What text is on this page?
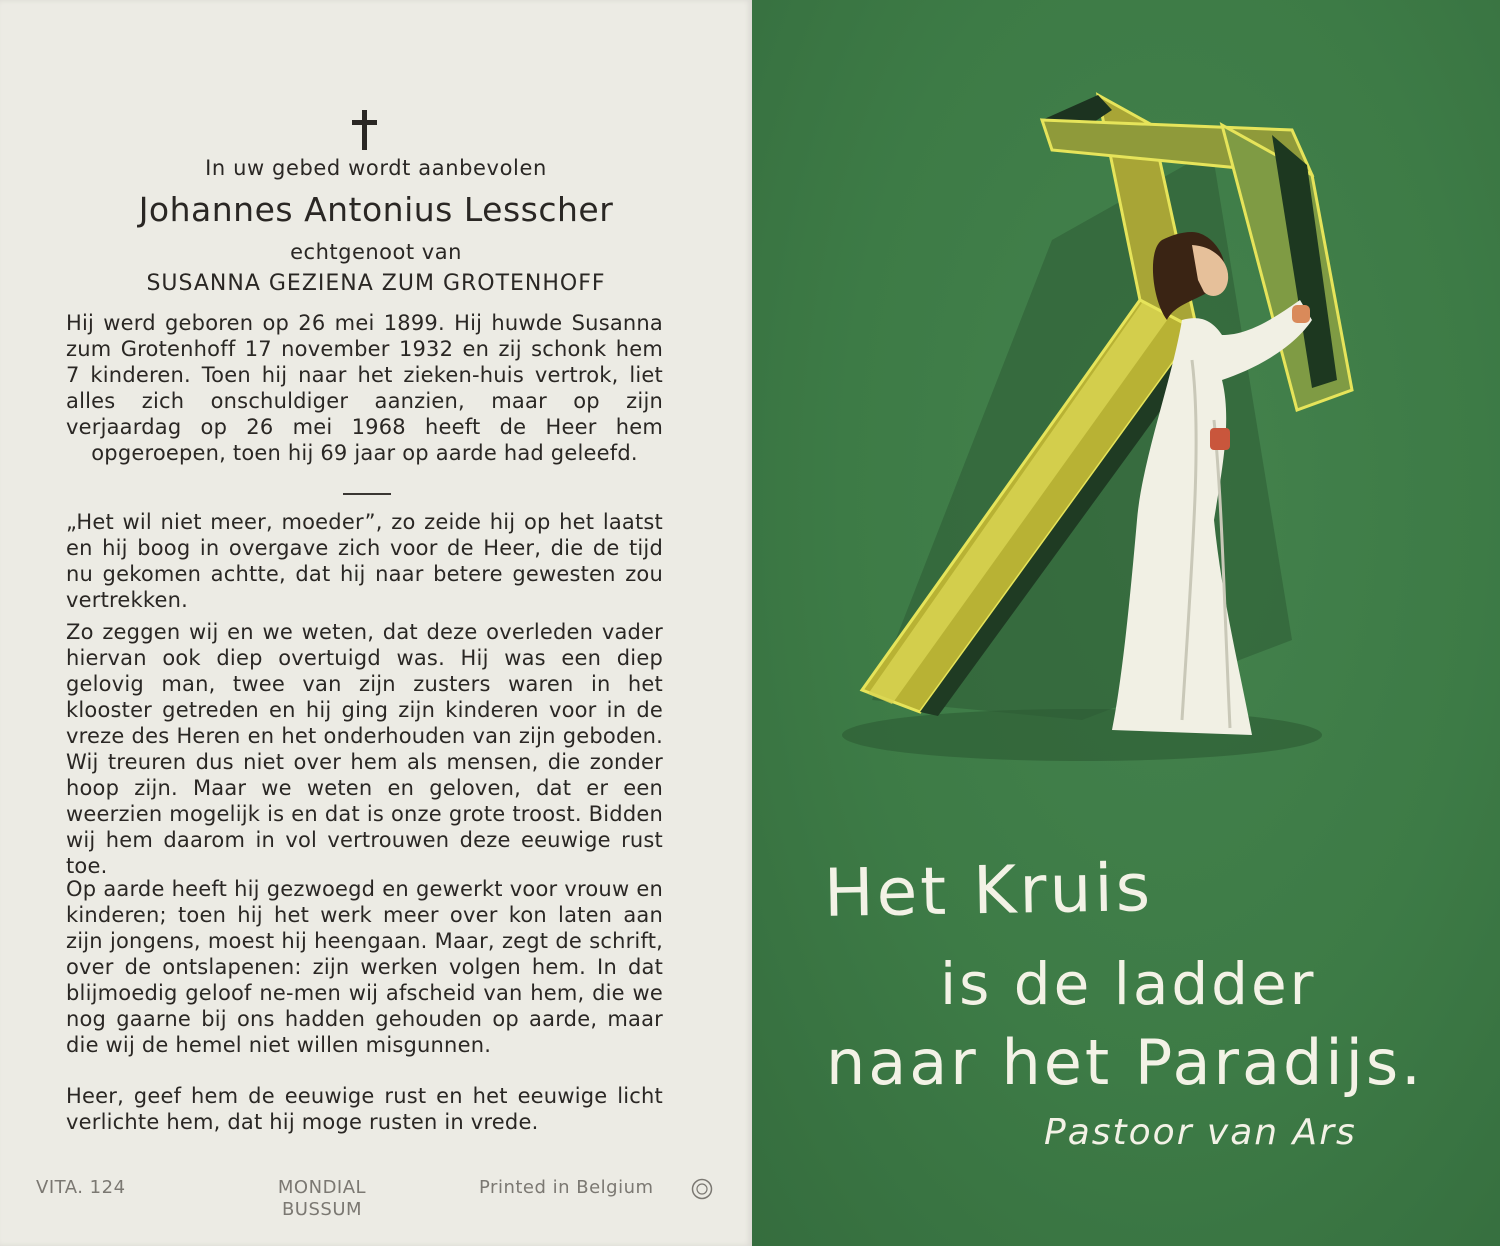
In uw gebed wordt aanbevolen
Johannes Antonius Lesscher
echtgenoot van
SUSANNA GEZIENA ZUM GROTENHOFF
Hij werd geboren op 26 mei 1899. Hij huwde Susanna zum Grotenhoff 17 november 1932 en zij schonk hem 7 kinderen. Toen hij naar het zieken-huis vertrok, liet alles zich onschuldiger aanzien, maar op zijn verjaardag op 26 mei 1968 heeft de Heer hem opgeroepen, toen hij 69 jaar op aarde had geleefd.
„Het wil niet meer, moeder”, zo zeide hij op het laatst en hij boog in overgave zich voor de Heer, die de tijd nu gekomen achtte, dat hij naar betere gewesten zou vertrekken.
Zo zeggen wij en we weten, dat deze overleden vader hiervan ook diep overtuigd was. Hij was een diep gelovig man, twee van zijn zusters waren in het klooster getreden en hij ging zijn kinderen voor in de vreze des Heren en het onderhouden van zijn geboden. Wij treuren dus niet over hem als mensen, die zonder hoop zijn. Maar we weten en geloven, dat er een weerzien mogelijk is en dat is onze grote troost. Bidden wij hem daarom in vol vertrouwen deze eeuwige rust toe.
Op aarde heeft hij gezwoegd en gewerkt voor vrouw en kinderen; toen hij het werk meer over kon laten aan zijn jongens, moest hij heengaan. Maar, zegt de schrift, over de ontslapenen: zijn werken volgen hem. In dat blijmoedig geloof ne-men wij afscheid van hem, die we nog gaarne bij ons hadden gehouden op aarde, maar die wij de hemel niet willen misgunnen.
Heer, geef hem de eeuwige rust en het eeuwige licht verlichte hem, dat hij moge rusten in vrede.
VITA. 124	MONDIAL
BUSSUM
Printed in Belgium
Het Kruis
is de ladder
naar het Paradijs.
Pastoor van Ars
